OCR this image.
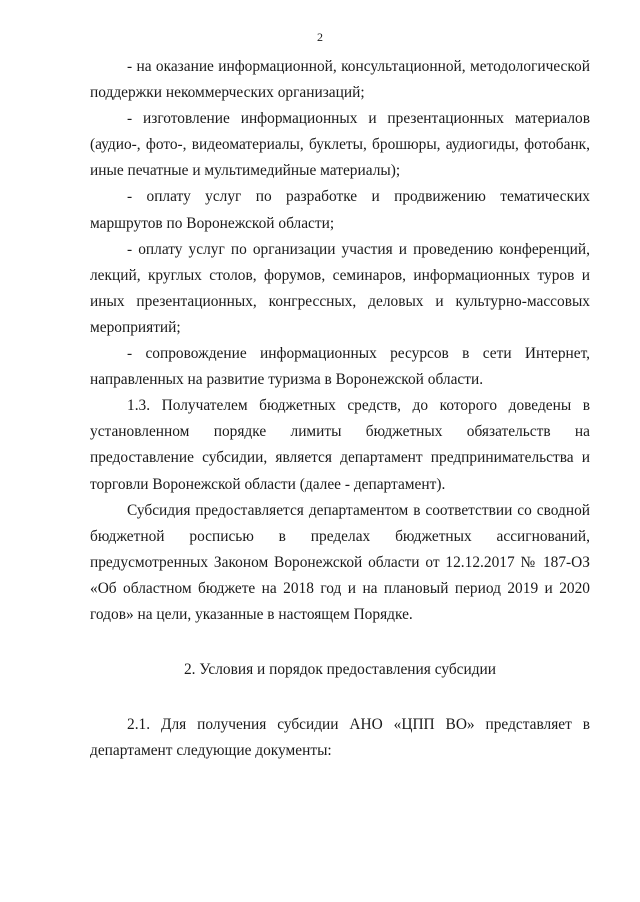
2

- на оказание информационной, консультационной, методологической поддержки некоммерческих организаций;

- изготовление информационных и презентационных материалов (аудио-, фото-, видеоматериалы, буклеты, брошюры, аудиогиды, фотобанк, иные печатные и мультимедийные материалы);

- оплату услуг по разработке и продвижению тематических маршрутов по Воронежской области;

- оплату услуг по организации участия и проведению конференций, лекций, круглых столов, форумов, семинаров, информационных туров и иных презентационных, конгрессных, деловых и культурно-массовых мероприятий;

- сопровождение информационных ресурсов в сети Интернет, направленных на развитие туризма в Воронежской области.

1.3. Получателем бюджетных средств, до которого доведены в установленном порядке лимиты бюджетных обязательств на предоставление субсидии, является департамент предпринимательства и торговли Воронежской области (далее - департамент).

Субсидия предоставляется департаментом в соответствии со сводной бюджетной росписью в пределах бюджетных ассигнований, предусмотренных Законом Воронежской области от 12.12.2017 № 187-ОЗ «Об областном бюджете на 2018 год и на плановый период 2019 и 2020 годов» на цели, указанные в настоящем Порядке.

2. Условия и порядок предоставления субсидии

2.1. Для получения субсидии АНО «ЦПП ВО» представляет в департамент следующие документы:
